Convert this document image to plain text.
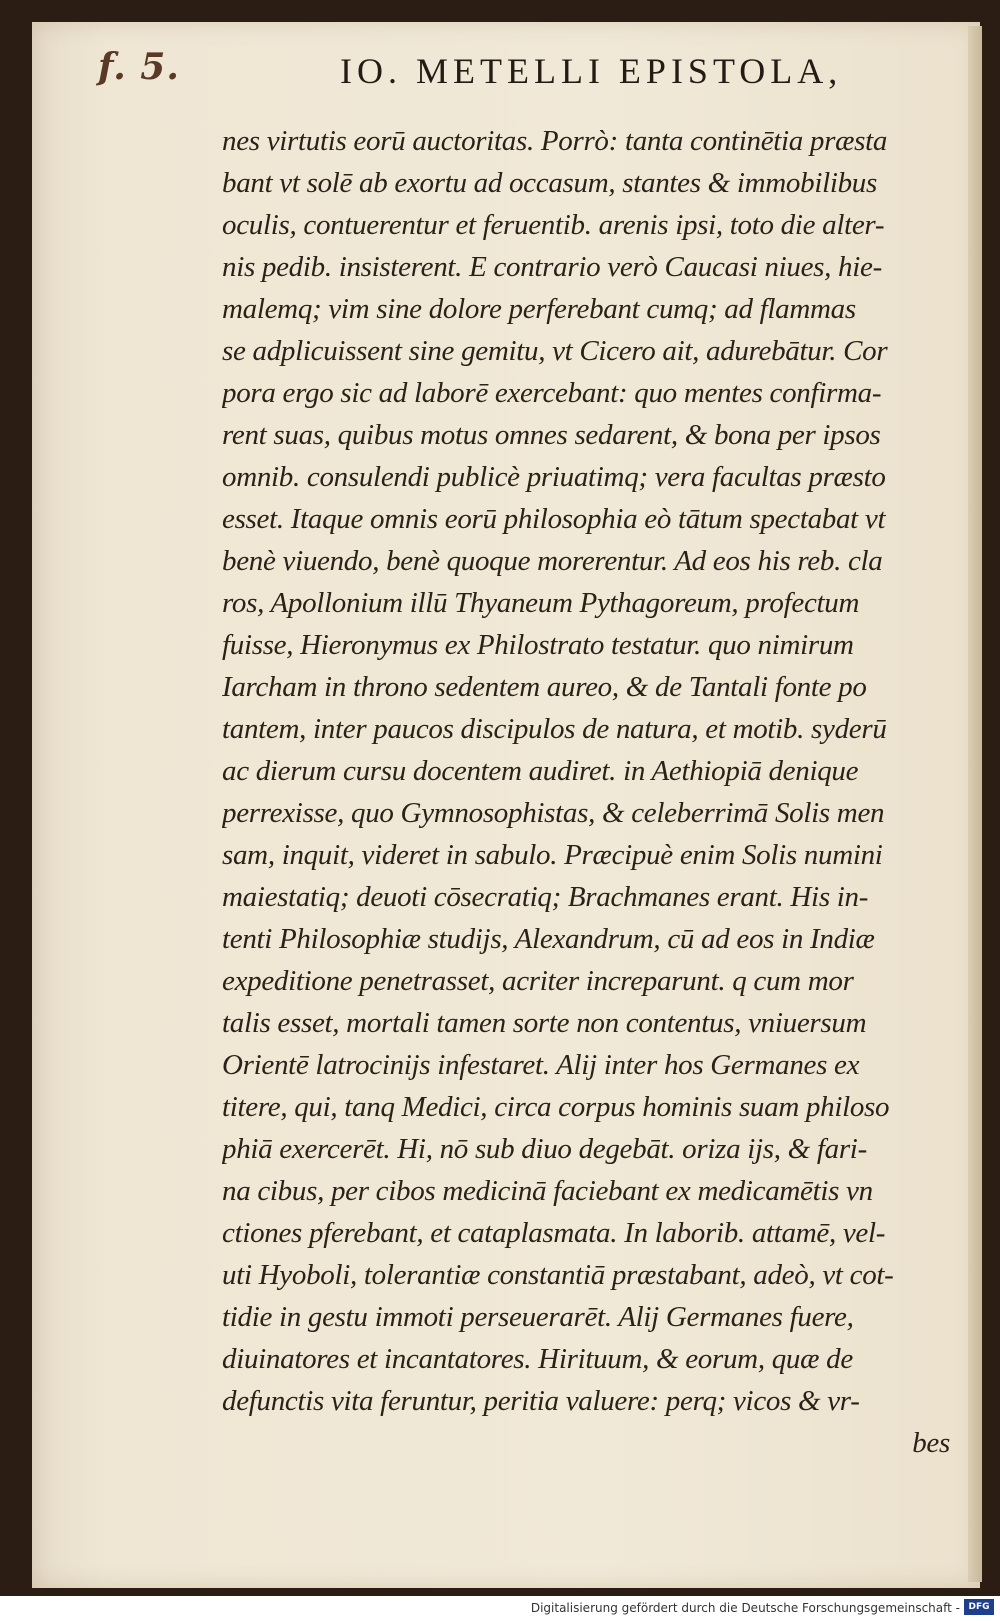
f. 5.	IO. METELLI EPISTOLA,
nes virtutis eorū auctoritas. Porrò: tanta continētia præsta
bant vt solē ab exortu ad occasum, stantes & immobilibus
oculis, contuerentur et feruentib. arenis ipsi, toto die alter-
nis pedib. insisterent. E contrario verò Caucasi niues, hie-
malemq; vim sine dolore perferebant cumq; ad flammas
se adplicuissent sine gemitu, vt Cicero ait, adurebātur. Cor
pora ergo sic ad laborē exercebant: quo mentes confirma-
rent suas, quibus motus omnes sedarent, & bona per ipsos
omnib. consulendi publicè priuatimq; vera facultas præsto
esset. Itaque omnis eorū philosophia eò tātum spectabat vt
benè viuendo, benè quoque morerentur. Ad eos his reb. cla
ros, Apollonium illū Thyaneum Pythagoreum, profectum
fuisse, Hieronymus ex Philostrato testatur. quo nimirum
Iarcham in throno sedentem aureo, & de Tantali fonte po
tantem, inter paucos discipulos de natura, et motib. syderū
ac dierum cursu docentem audiret. in Aethiopiā denique
perrexisse, quo Gymnosophistas, & celeberrimā Solis men
sam, inquit, videret in sabulo. Præcipuè enim Solis numini
maiestatiq; deuoti cōsecratiq; Brachmanes erant. His in-
tenti Philosophiæ studijs, Alexandrum, cū ad eos in Indiæ
expeditione penetrasset, acriter increparunt. q cum mor
talis esset, mortali tamen sorte non contentus, vniuersum
Orientē latrocinijs infestaret. Alij inter hos Germanes ex
titere, qui, tanq Medici, circa corpus hominis suam philoso
phiā exercerēt. Hi, nō sub diuo degebāt. oriza ijs, & fari-
na cibus, per cibos medicinā faciebant ex medicamētis vn
ctiones pferebant, et cataplasmata. In laborib. attamē, vel-
uti Hyoboli, tolerantiæ constantiā præstabant, adeò, vt cot-
tidie in gestu immoti perseuerarēt. Alij Germanes fuere,
diuinatores et incantatores. Hirituum, & eorum, quæ de
defunctis vita feruntur, peritia valuere: perq; vicos & vr-
bes
Digitalisierung gefördert durch die Deutsche Forschungsgemeinschaft - DFG
